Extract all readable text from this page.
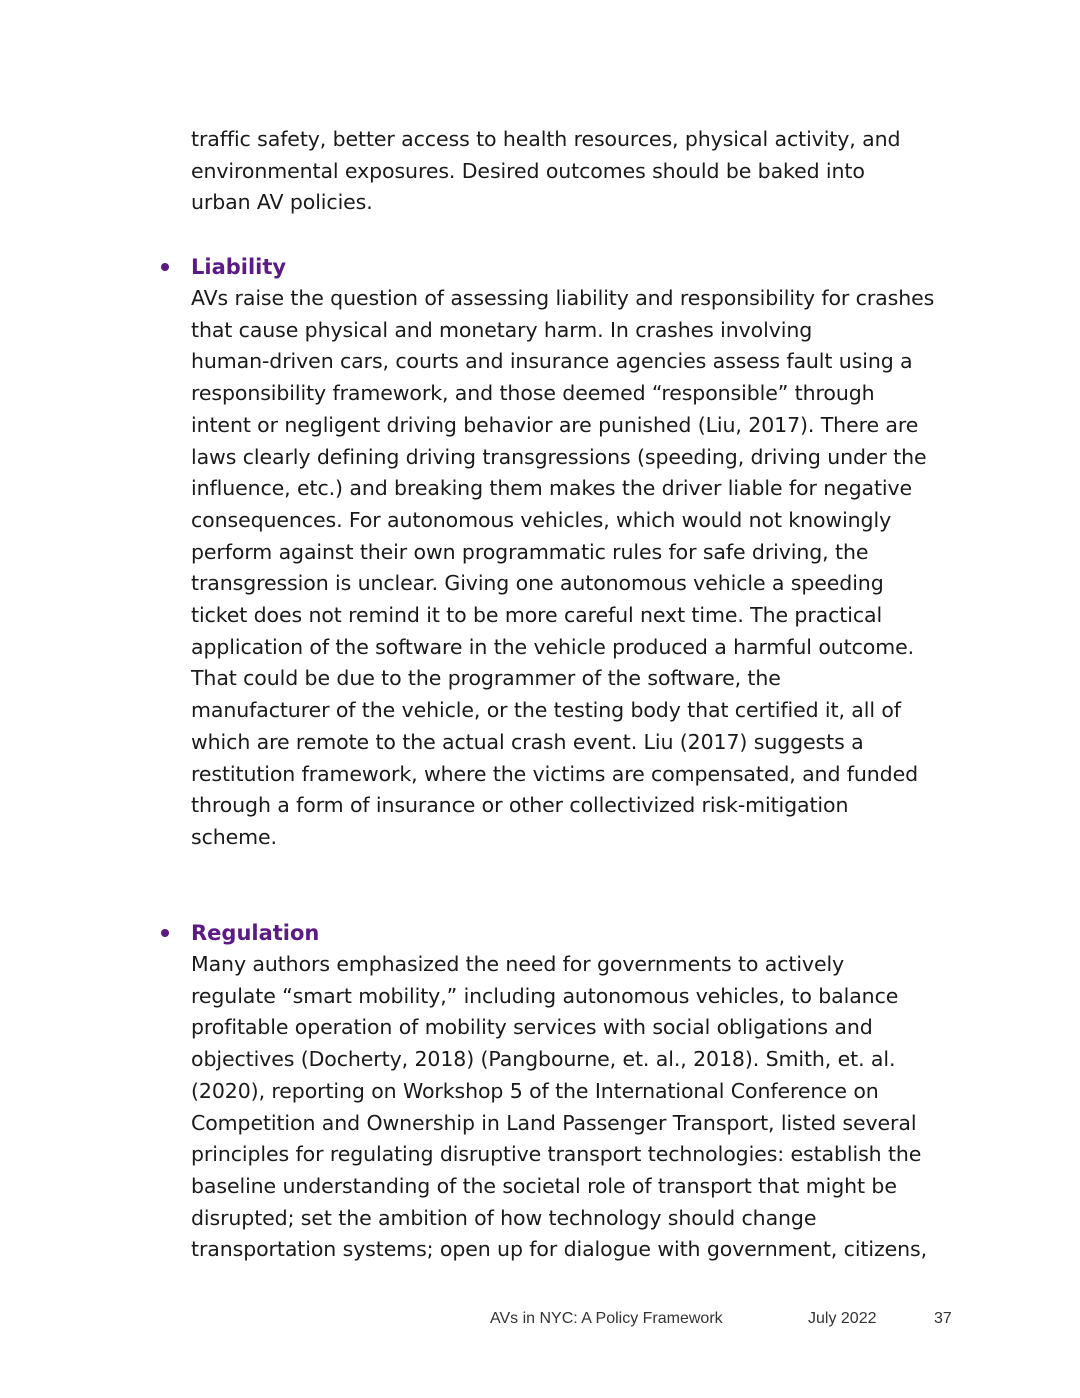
traffic safety, better access to health resources, physical activity, and
environmental exposures. Desired outcomes should be baked into
urban AV policies.
Liability
AVs raise the question of assessing liability and responsibility for crashes
that cause physical and monetary harm. In crashes involving
human-driven cars, courts and insurance agencies assess fault using a
responsibility framework, and those deemed “responsible” through
intent or negligent driving behavior are punished (Liu, 2017). There are
laws clearly defining driving transgressions (speeding, driving under the
influence, etc.) and breaking them makes the driver liable for negative
consequences. For autonomous vehicles, which would not knowingly
perform against their own programmatic rules for safe driving, the
transgression is unclear. Giving one autonomous vehicle a speeding
ticket does not remind it to be more careful next time. The practical
application of the software in the vehicle produced a harmful outcome.
That could be due to the programmer of the software, the
manufacturer of the vehicle, or the testing body that certified it, all of
which are remote to the actual crash event. Liu (2017) suggests a
restitution framework, where the victims are compensated, and funded
through a form of insurance or other collectivized risk-mitigation
scheme.
Regulation
Many authors emphasized the need for governments to actively
regulate “smart mobility,” including autonomous vehicles, to balance
profitable operation of mobility services with social obligations and
objectives (Docherty, 2018) (Pangbourne, et. al., 2018). Smith, et. al.
(2020), reporting on Workshop 5 of the International Conference on
Competition and Ownership in Land Passenger Transport, listed several
principles for regulating disruptive transport technologies: establish the
baseline understanding of the societal role of transport that might be
disrupted; set the ambition of how technology should change
transportation systems; open up for dialogue with government, citizens,
AVs in NYC: A Policy Framework	July 2022	37
